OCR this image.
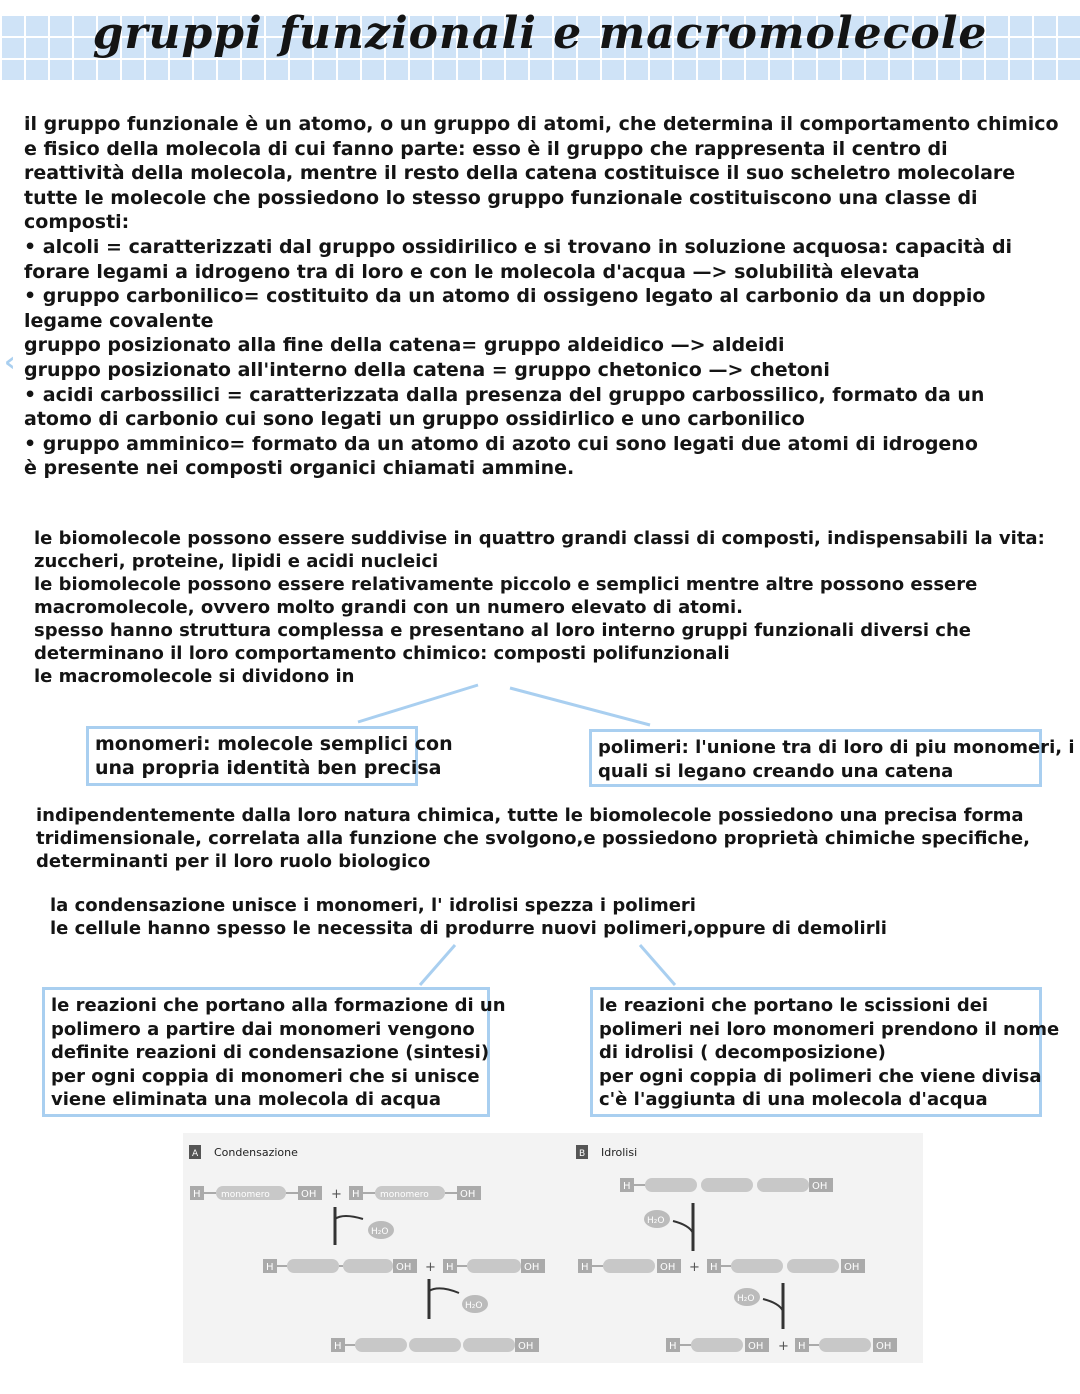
gruppi funzionali e macromolecole
‹

il gruppo funzionale è un atomo, o un gruppo di atomi, che determina il comportamento chimico

e fisico della molecola di cui fanno parte: esso è il gruppo che rappresenta il centro di

reattività della molecola, mentre il resto della catena costituisce il suo scheletro molecolare

tutte le molecole che possiedono lo stesso gruppo funzionale costituiscono una classe di

composti:

• alcoli = caratterizzati dal gruppo ossidirilico e si trovano in soluzione acquosa: capacità di

forare legami a idrogeno tra di loro e con le molecola d'acqua —> solubilità elevata

• gruppo carbonilico= costituito da un atomo di ossigeno legato al carbonio da un doppio

legame covalente

gruppo posizionato alla fine della catena= gruppo aldeidico —> aldeidi

gruppo posizionato all'interno della catena = gruppo chetonico —> chetoni

• acidi carbossilici = caratterizzata dalla presenza del gruppo carbossilico, formato da un

atomo di carbonio cui sono legati un gruppo ossidirlico e uno carbonilico

• gruppo amminico= formato da un atomo di azoto cui sono legati due atomi di idrogeno

è presente nei composti organici chiamati ammine.

le biomolecole possono essere suddivise in quattro grandi classi di composti, indispensabili la vita:

zuccheri, proteine, lipidi e acidi nucleici

le biomolecole possono essere relativamente piccolo e semplici mentre altre possono essere

macromolecole, ovvero molto grandi con un numero elevato di atomi.

spesso hanno struttura complessa e presentano al loro interno gruppi funzionali diversi che

determinano il loro comportamento chimico: composti polifunzionali

le macromolecole si dividono in

monomeri: molecole semplici con

una propria identità ben precisa

polimeri: l'unione tra di loro di piu monomeri, i

quali si legano creando una catena

indipendentemente dalla loro natura chimica, tutte le biomolecole possiedono una precisa forma

tridimensionale, correlata alla funzione che svolgono,e possiedono proprietà chimiche specifiche,

determinanti per il loro ruolo biologico

la condensazione unisce i monomeri, l' idrolisi spezza i polimeri

le cellule hanno spesso le necessita di produrre nuovi polimeri,oppure di demolirli

le reazioni che portano alla formazione di un

polimero a partire dai monomeri vengono

definite reazioni di condensazione (sintesi)

per ogni coppia di monomeri che si unisce

viene eliminata una molecola di acqua

le reazioni che portano le scissioni dei

polimeri nei loro monomeri prendono il nome

di idrolisi ( decomposizione)

per ogni coppia di polimeri che viene divisa

c'è l'aggiunta di una molecola d'acqua

A Condensazione
H monomero	OH + H monomero	OH
H₂O
H	OH + H	OH
H₂O
H	OH
B Idrolisi
H	OH
H₂O
H	OH + H	OH
H₂O
H	OH + H	OH
